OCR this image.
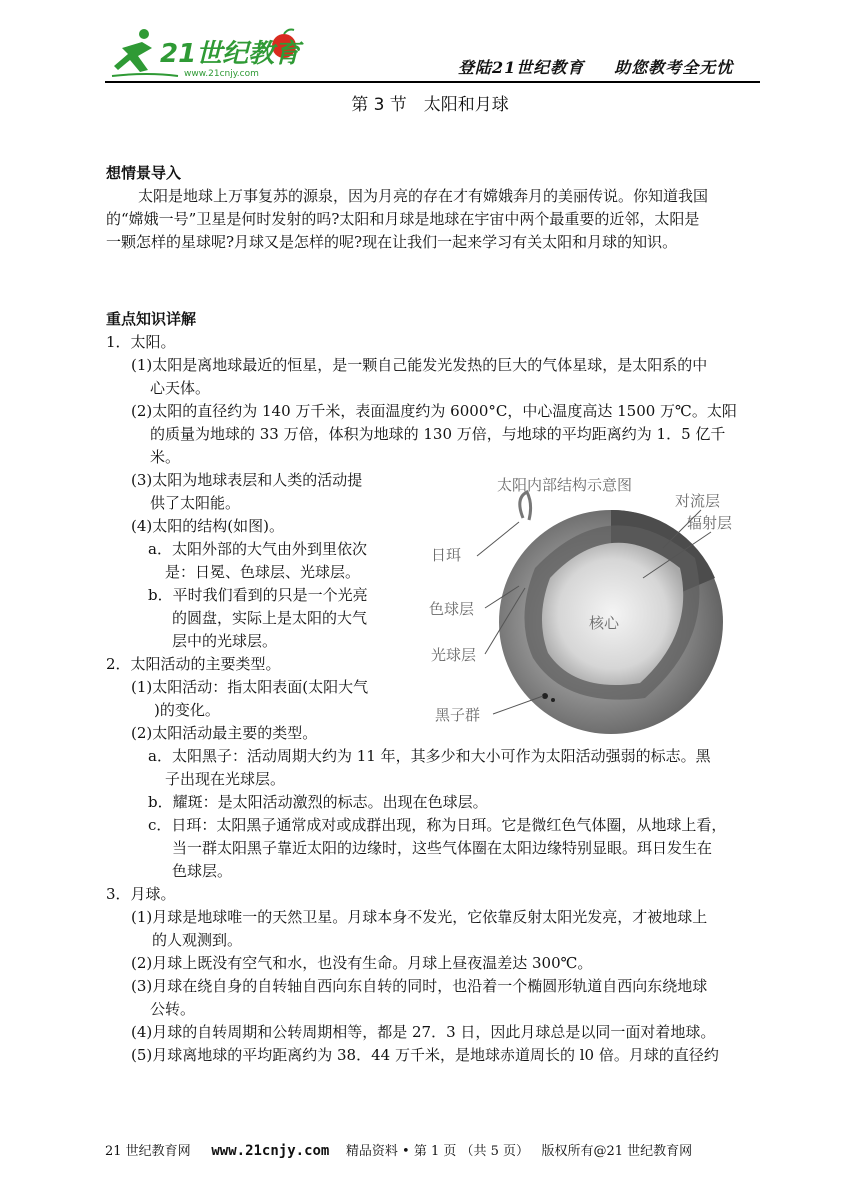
21世纪教育
www.21cnjy.com	登陆21世纪教育 助您教考全无忧
第 3 节　太阳和月球
想情景导入
太阳是地球上万事复苏的源泉，因为月亮的存在才有嫦娥奔月的美丽传说。你知道我国
的“嫦娥一号”卫星是何时发射的吗?太阳和月球是地球在宇宙中两个最重要的近邻，太阳是
一颗怎样的星球呢?月球又是怎样的呢?现在让我们一起来学习有关太阳和月球的知识。
重点知识详解
1．太阳。
(1)太阳是离地球最近的恒星，是一颗自己能发光发热的巨大的气体星球，是太阳系的中
心天体。
(2)太阳的直径约为 140 万千米，表面温度约为 6000°C，中心温度高达 1500 万℃。太阳
的质量为地球的 33 万倍，体积为地球的 130 万倍，与地球的平均距离约为 1．5 亿千
米。
(3)太阳为地球表层和人类的活动提
供了太阳能。
(4)太阳的结构(如图)。
a．太阳外部的大气由外到里依次
是：日冕、色球层、光球层。
b．平时我们看到的只是一个光亮
的圆盘，实际上是太阳的大气
层中的光球层。
2．太阳活动的主要类型。
(1)太阳活动：指太阳表面(太阳大气
)的变化。
(2)太阳活动最主要的类型。
a．太阳黑子：活动周期大约为 11 年，其多少和大小可作为太阳活动强弱的标志。黑
子出现在光球层。
b．耀斑：是太阳活动激烈的标志。出现在色球层。
c．日珥：太阳黑子通常成对或成群出现，称为日珥。它是微红色气体圈，从地球上看，
当一群太阳黑子靠近太阳的边缘时，这些气体圈在太阳边缘特别显眼。珥日发生在
色球层。
3．月球。
(1)月球是地球唯一的天然卫星。月球本身不发光，它依靠反射太阳光发亮，才被地球上
的人观测到。
(2)月球上既没有空气和水，也没有生命。月球上昼夜温差达 300℃。
(3)月球在绕自身的自转轴自西向东自转的同时，也沿着一个椭圆形轨道自西向东绕地球
公转。
(4)月球的自转周期和公转周期相等，都是 27．3 日，因此月球总是以同一面对着地球。
(5)月球离地球的平均距离约为 38．44 万千米，是地球赤道周长的 l0 倍。月球的直径约
太阳内部结构示意图
对流层
辐射层
日珥
色球层
核心
光球层
黑子群
21 世纪教育网 www.21cnjy.com 精品资料 • 第 1 页 （共 5 页） 版权所有@21 世纪教育网
